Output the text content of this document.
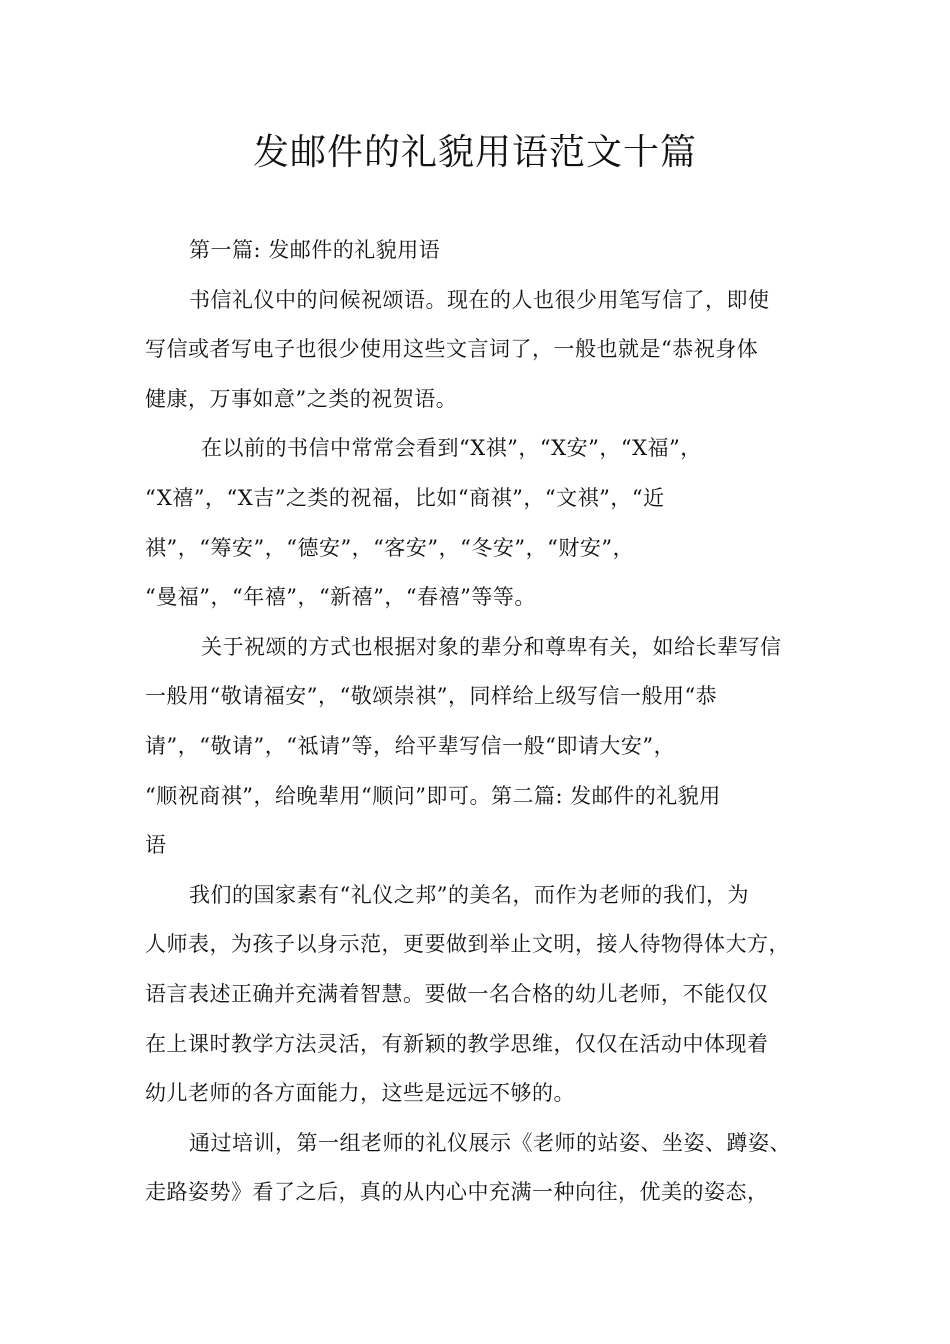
发邮件的礼貌用语范文十篇
第一篇: 发邮件的礼貌用语
书信礼仪中的问候祝颂语。现在的人也很少用笔写信了，即使
写信或者写电子也很少使用这些文言词了，一般也就是“恭祝身体
健康，万事如意”之类的祝贺语。
在以前的书信中常常会看到“X祺”，“X安”，“X福”，
“X禧”，“X吉”之类的祝福，比如“商祺”，“文祺”，“近
祺”，“筹安”，“德安”，“客安”，“冬安”，“财安”，
“曼福”，“年禧”，“新禧”，“春禧”等等。
关于祝颂的方式也根据对象的辈分和尊卑有关，如给长辈写信
一般用“敬请福安”，“敬颂崇祺”，同样给上级写信一般用“恭
请”，“敬请”，“祗请”等，给平辈写信一般“即请大安”，
“顺祝商祺”，给晚辈用“顺问”即可。第二篇: 发邮件的礼貌用
语
我们的国家素有“礼仪之邦”的美名，而作为老师的我们，为
人师表，为孩子以身示范，更要做到举止文明，接人待物得体大方，
语言表述正确并充满着智慧。要做一名合格的幼儿老师，不能仅仅
在上课时教学方法灵活，有新颖的教学思维，仅仅在活动中体现着
幼儿老师的各方面能力，这些是远远不够的。
通过培训，第一组老师的礼仪展示《老师的站姿、坐姿、蹲姿、
走路姿势》看了之后，真的从内心中充满一种向往，优美的姿态，
